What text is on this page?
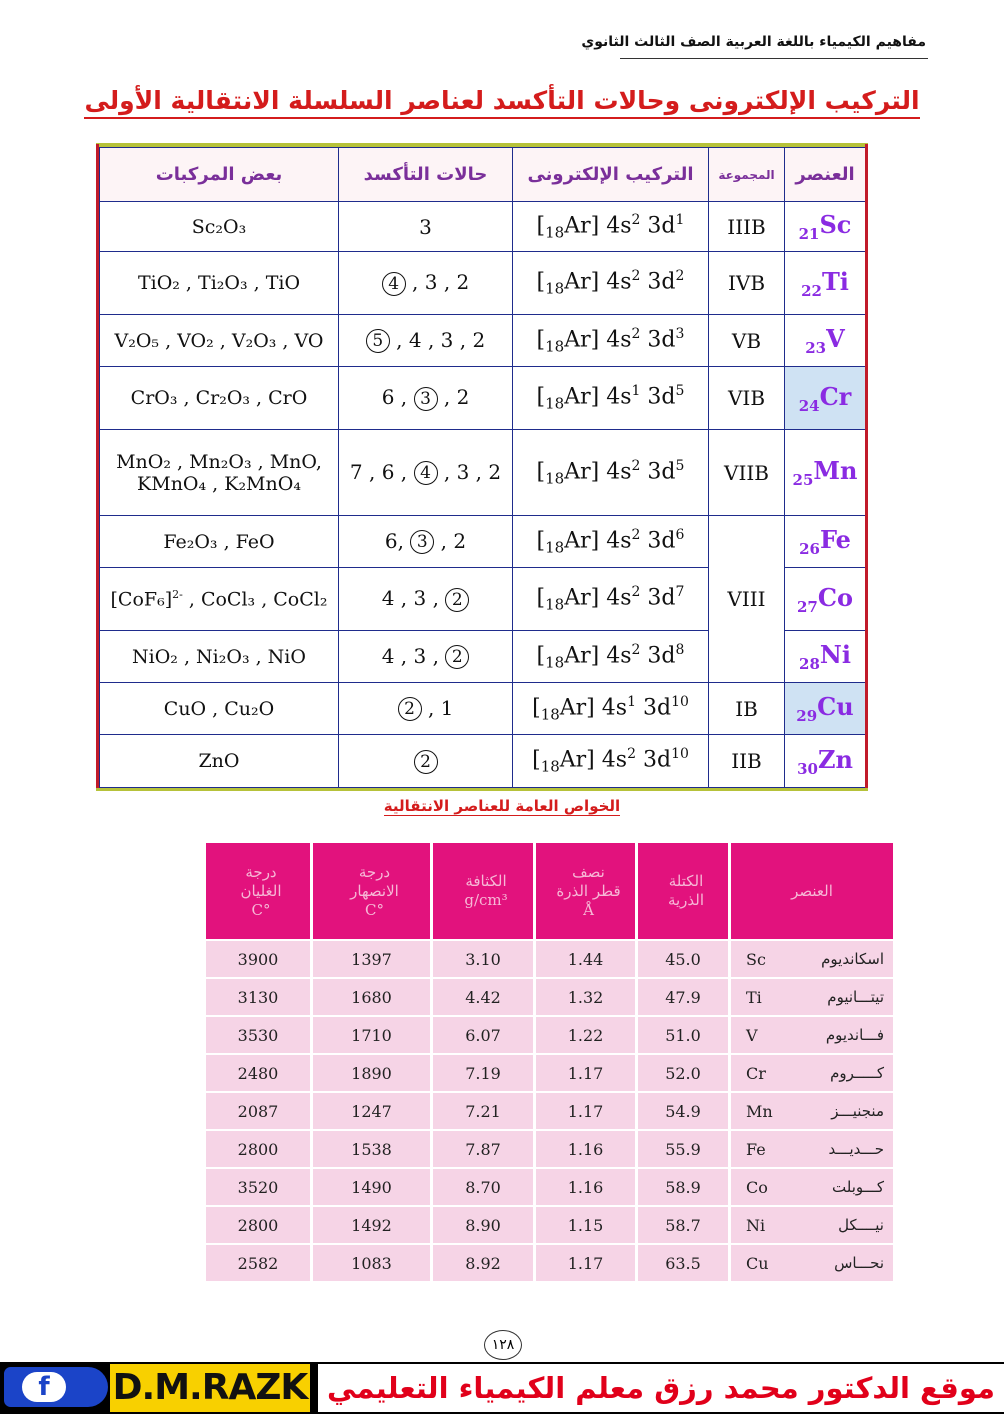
مفاهيم الكيمياء باللغة العربية الصف الثالث الثانوي
التركيب الإلكترونى وحالات التأكسد لعناصر السلسلة الانتقالية الأولى
بعض المركبات	حالات التأكسد	التركيب الإلكترونى	المجموعة	العنصر
Sc₂O₃	3	$[_{18}Ar]$ $4s^2$ $3d^1$	IIIB	$_{21}$Sc
TiO₂ , Ti₂O₃ , TiO	4 , 3 , 2	$[_{18}Ar]$ $4s^2$ $3d^2$	IVB	$_{22}$Ti
V₂O₅ , VO₂ , V₂O₃ , VO	5 , 4 , 3 , 2	$[_{18}Ar]$ $4s^2$ $3d^3$	VB	$_{23}$V
CrO₃ , Cr₂O₃ , CrO	6 , 3 , 2	$[_{18}Ar]$ $4s^1$ $3d^5$	VIB	$_{24}$Cr
MnO₂ , Mn₂O₃ , MnO,
KMnO₄ , K₂MnO₄	7 , 6 , 4 , 3 , 2	$[_{18}Ar]$ $4s^2$ $3d^5$	VIIB	$_{25}$Mn
Fe₂O₃ , FeO	6, 3 , 2	$[_{18}Ar]$ $4s^2$ $3d^6$	VIII	$_{26}$Fe
$[CoF_6]^{2-}$ , CoCl₃ , CoCl₂	4 , 3 , 2	$[_{18}Ar]$ $4s^2$ $3d^7$		$_{27}$Co
NiO₂ , Ni₂O₃ , NiO	4 , 3 , 2	$[_{18}Ar]$ $4s^2$ $3d^8$		$_{28}$Ni
CuO , Cu₂O	2 , 1	$[_{18}Ar]$ $4s^1$ $3d^{10}$	IB	$_{29}$Cu
ZnO	2	$[_{18}Ar]$ $4s^2$ $3d^{10}$	IIB	$_{30}$Zn
الخواص العامة للعناصر الانتقالية
درجة
الغليان
°C	درجة
الانصهار
°C	الكثافة
g/cm³	نصف
قطر الذرة
Å	الكتلة
الذرية	العنصر
3900	1397	3.10	1.44	45.0	Sc اسكانديوم

3130	1680	4.42	1.32	47.9	Ti تيتـــانيوم

3530	1710	6.07	1.22	51.0	V فـــانديوم

2480	1890	7.19	1.17	52.0	Cr كـــــروم

2087	1247	7.21	1.17	54.9	Mn منجنيـــز

2800	1538	7.87	1.16	55.9	Fe حـــديـــد

3520	1490	8.70	1.16	58.9	Co كـــوبلت

2800	1492	8.90	1.15	58.7	Ni نيــــكل

2582	1083	8.92	1.17	63.5	Cu نحـــاس
١٢٨
f	D.M.RAZK موقع الدكتور محمد رزق معلم الكيمياء التعليمي
